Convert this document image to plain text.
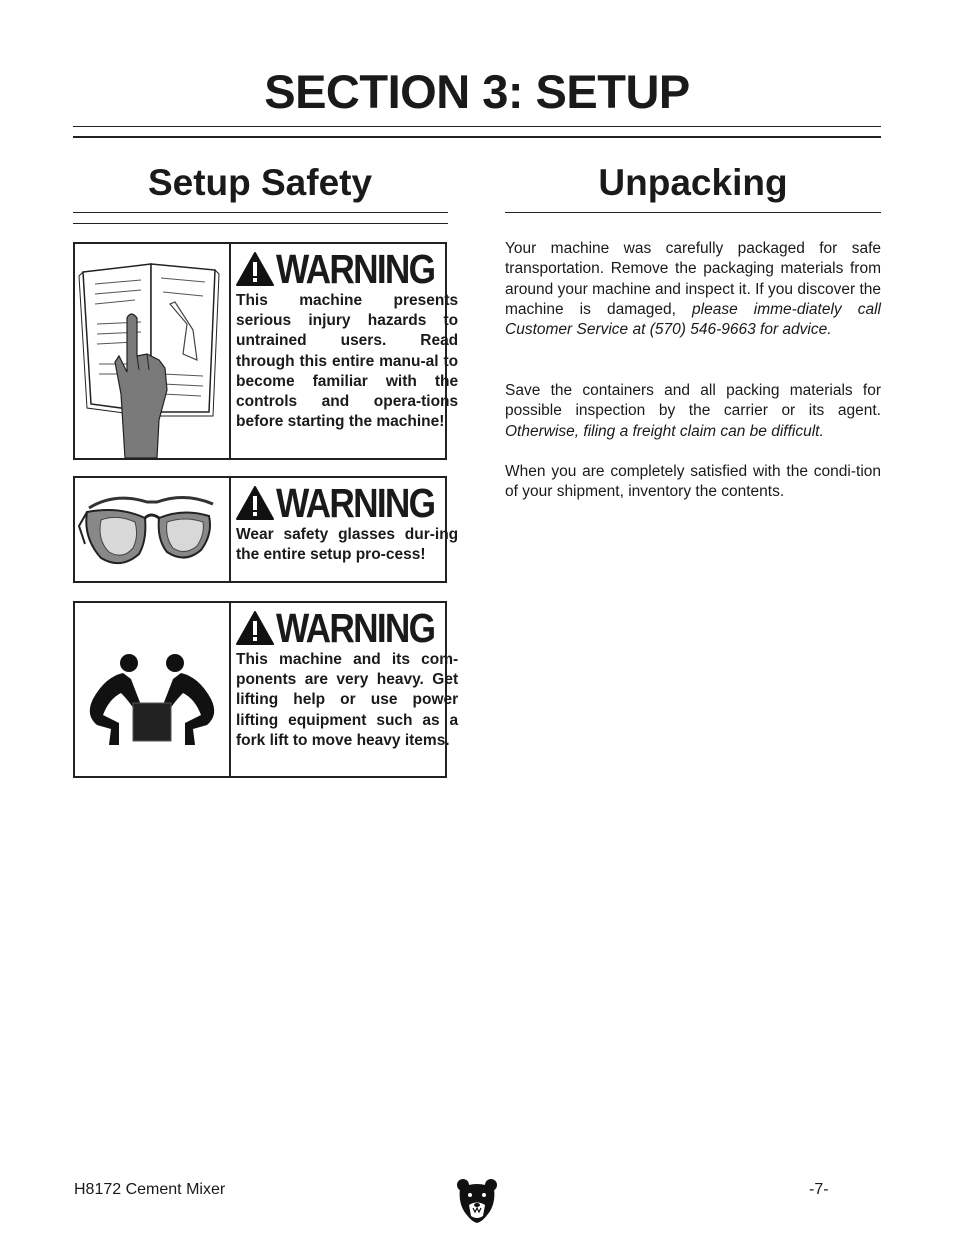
SECTION 3: SETUP
Setup Safety
WARNING

This machine presents serious injury hazards to untrained users. Read through this entire manu-al to become familiar with the controls and opera-tions before starting the machine!

WARNING

Wear safety glasses dur-ing the entire setup pro-cess!

WARNING

This machine and its com-ponents are very heavy. Get lifting help or use power lifting equipment such as a fork lift to move heavy items.

Unpacking

Your machine was carefully packaged for safe transportation. Remove the packaging materials from around your machine and inspect it. If you discover the machine is damaged, please imme-diately call Customer Service at (570) 546-9663 for advice.

Save the containers and all packing materials for possible inspection by the carrier or its agent. Otherwise, filing a freight claim can be difficult.

When you are completely satisfied with the condi-tion of your shipment, inventory the contents.

H8172 Cement Mixer	-7-
